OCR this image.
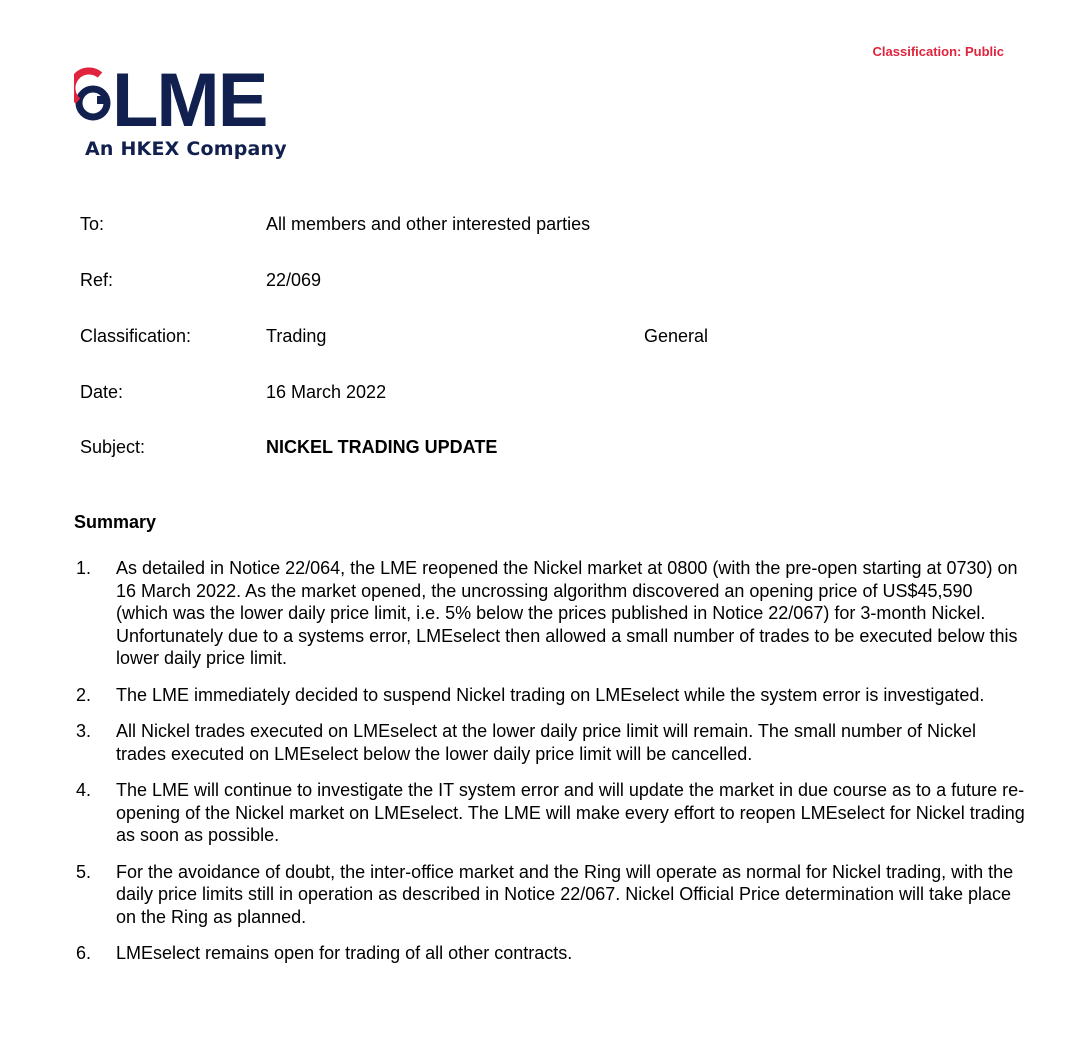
Classification: Public
LME
An HKEX Company
To:	All members and other interested parties
Ref:	22/069
Classification:	Trading	General
Date:	16 March 2022
Subject:	NICKEL TRADING UPDATE
Summary
1. As detailed in Notice 22/064, the LME reopened the Nickel market at 0800 (with the pre-open starting at 0730) on 16 March 2022. As the market opened, the uncrossing algorithm discovered an opening price of US$45,590 (which was the lower daily price limit, i.e. 5% below the prices published in Notice 22/067) for 3-month Nickel. Unfortunately due to a systems error, LMEselect then allowed a small number of trades to be executed below this lower daily price limit.
2. The LME immediately decided to suspend Nickel trading on LMEselect while the system error is investigated.
3. All Nickel trades executed on LMEselect at the lower daily price limit will remain. The small number of Nickel trades executed on LMEselect below the lower daily price limit will be cancelled.
4. The LME will continue to investigate the IT system error and will update the market in due course as to a future re-opening of the Nickel market on LMEselect. The LME will make every effort to reopen LMEselect for Nickel trading as soon as possible.
5. For the avoidance of doubt, the inter-office market and the Ring will operate as normal for Nickel trading, with the daily price limits still in operation as described in Notice 22/067. Nickel Official Price determination will take place on the Ring as planned.
6. LMEselect remains open for trading of all other contracts.
